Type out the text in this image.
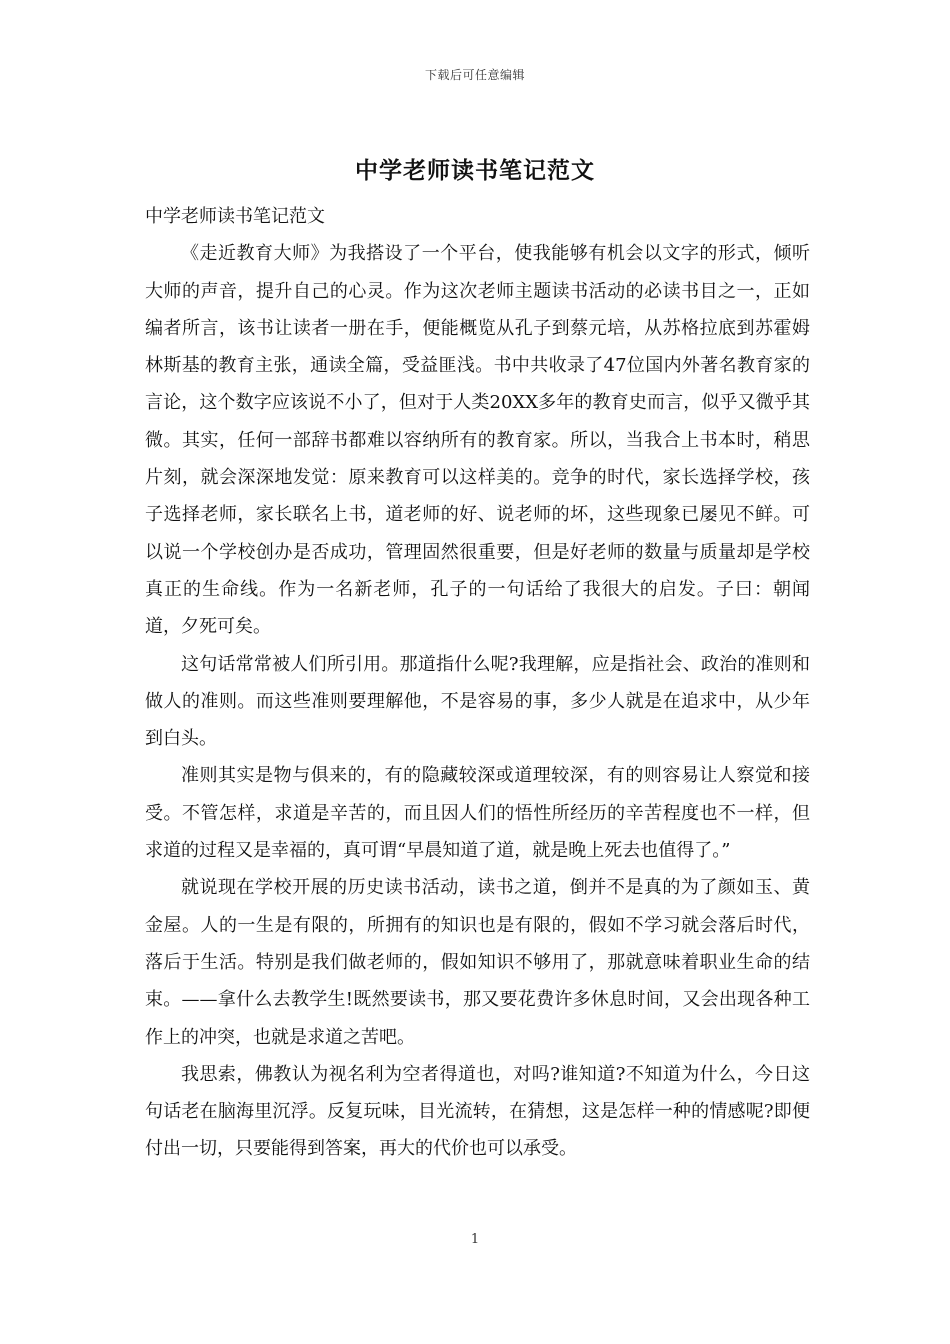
下载后可任意编辑
中学老师读书笔记范文

中学老师读书笔记范文

《走近教育大师》为我搭设了一个平台，使我能够有机会以文字的形式，倾听大师的声音，提升自己的心灵。作为这次老师主题读书活动的必读书目之一，正如编者所言，该书让读者一册在手，便能概览从孔子到蔡元培，从苏格拉底到苏霍姆林斯基的教育主张，通读全篇，受益匪浅。书中共收录了47位国内外著名教育家的言论，这个数字应该说不小了，但对于人类20XX多年的教育史而言，似乎又微乎其微。其实，任何一部辞书都难以容纳所有的教育家。所以，当我合上书本时，稍思片刻，就会深深地发觉：原来教育可以这样美的。竞争的时代，家长选择学校，孩子选择老师，家长联名上书，道老师的好、说老师的坏，这些现象已屡见不鲜。可以说一个学校创办是否成功，管理固然很重要，但是好老师的数量与质量却是学校真正的生命线。作为一名新老师，孔子的一句话给了我很大的启发。子曰：朝闻道，夕死可矣。

这句话常常被人们所引用。那道指什么呢?我理解，应是指社会、政治的准则和做人的准则。而这些准则要理解他，不是容易的事，多少人就是在追求中，从少年到白头。

准则其实是物与俱来的，有的隐藏较深或道理较深，有的则容易让人察觉和接受。不管怎样，求道是辛苦的，而且因人们的悟性所经历的辛苦程度也不一样，但求道的过程又是幸福的，真可谓“早晨知道了道，就是晚上死去也值得了。”

就说现在学校开展的历史读书活动，读书之道，倒并不是真的为了颜如玉、黄金屋。人的一生是有限的，所拥有的知识也是有限的，假如不学习就会落后时代，落后于生活。特别是我们做老师的，假如知识不够用了，那就意味着职业生命的结束。——拿什么去教学生!既然要读书，那又要花费许多休息时间，又会出现各种工作上的冲突，也就是求道之苦吧。

我思索，佛教认为视名利为空者得道也，对吗?谁知道?不知道为什么，今日这句话老在脑海里沉浮。反复玩味，目光流转，在猜想，这是怎样一种的情感呢?即便付出一切，只要能得到答案，再大的代价也可以承受。

1
